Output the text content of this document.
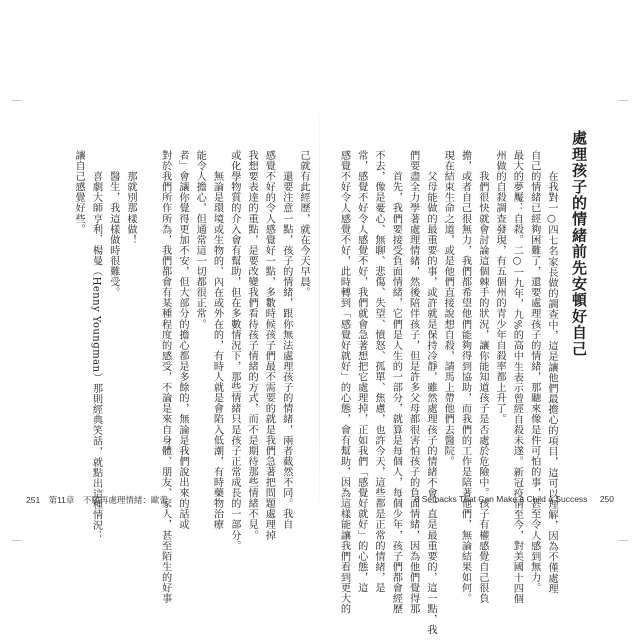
己就有此經歷，就在今天早晨。

　　還要注意一點，孩子的情緒，跟你無法處理孩子的情緒，兩者截然不同。我自

感覺不好的令人感覺好一點，多數時候孩子們最不需要的就是我們急著把問題處理掉

我想要表達的重點，是要改變我們看待孩子情緒的方式，而不是期待那些情緒不見。

或化學物質的介入會有幫助，但在多數情況下，那些情緒只是孩子正常成長的一部分。

　　無論是環境或生物的、內在或外在的，有時人就是會陷入低潮，有時藥物治療

能令人擔心，但通常這一切都很正常。

者」會讓你覺得更加不安，但大部分的擔心都是多餘的，無論是我們說出來的話或

對於我們所作所為，我們都會有某種程度的感受，不論是來自身體、朋友、家人，甚至陌生的好事

　　那就別那樣做！

　　醫生，我這樣做時很難受。

　　喜劇大師亨利．楊曼（Henny Youngman）那則經典笑話，就點出這種情況：

讓自己感覺好些。

251 第11章　不願再處理情緒：歐蕾
處理孩子的情緒前先安頓好自己

　　在我對一○四七名家長做的調查中，這是讓他們最擔心的項目，這可以理解，因為不僅處理

自己的情緒已經夠困難了，還要處理孩子的情緒，那聽來像是件可怕的事，甚至令人感到無力。

最大的夢魘：自殺。二○一九年，九%的高中生表示曾經自殺未遂。新冠疫情至今，對美國十四個

州做的自殺調查發現，有五個州的青少年自殺率都上升了。

　　我們很快就會討論這個棘手的狀況，讓你能知道孩子是否處於危險中。孩子有權感覺自己很負

擔，或者自己很無力，我們都希望他們能夠得到協助，而我們的工作是陪著他們，無論結果如何。

現在結束生命之道，或是他們直接說想自殺，請馬上帶他們去醫院。

　　父母能做的最重要的事，或許就是保持冷靜，雖然處理孩子的情緒不會一直是最重要的，這一點，我

們要盡全力學著處理情緒，然後陪伴孩子，但是許多父母都很害怕孩子的負面情緒，因為他們覺得那

　　首先，我們要接受負面情緒，它們是人生的一部分，就算是每個人，每個少年，孩子們都會經歷

不去，像是憂心、無聊、悲傷、失望、憤怒、孤單、焦慮，也許今天，這些都是正常的情緒，是

常，感覺不好令人感覺不好，我們就會急著想把它處理掉，正如我們「感覺好就好」的心態，這

感覺不好令人感覺不好，此時轉到「感覺好就好」的心態，會有幫助，因為這樣能讓我們看到更大的	8 Setbacks That Can Make a Child a Success 250
